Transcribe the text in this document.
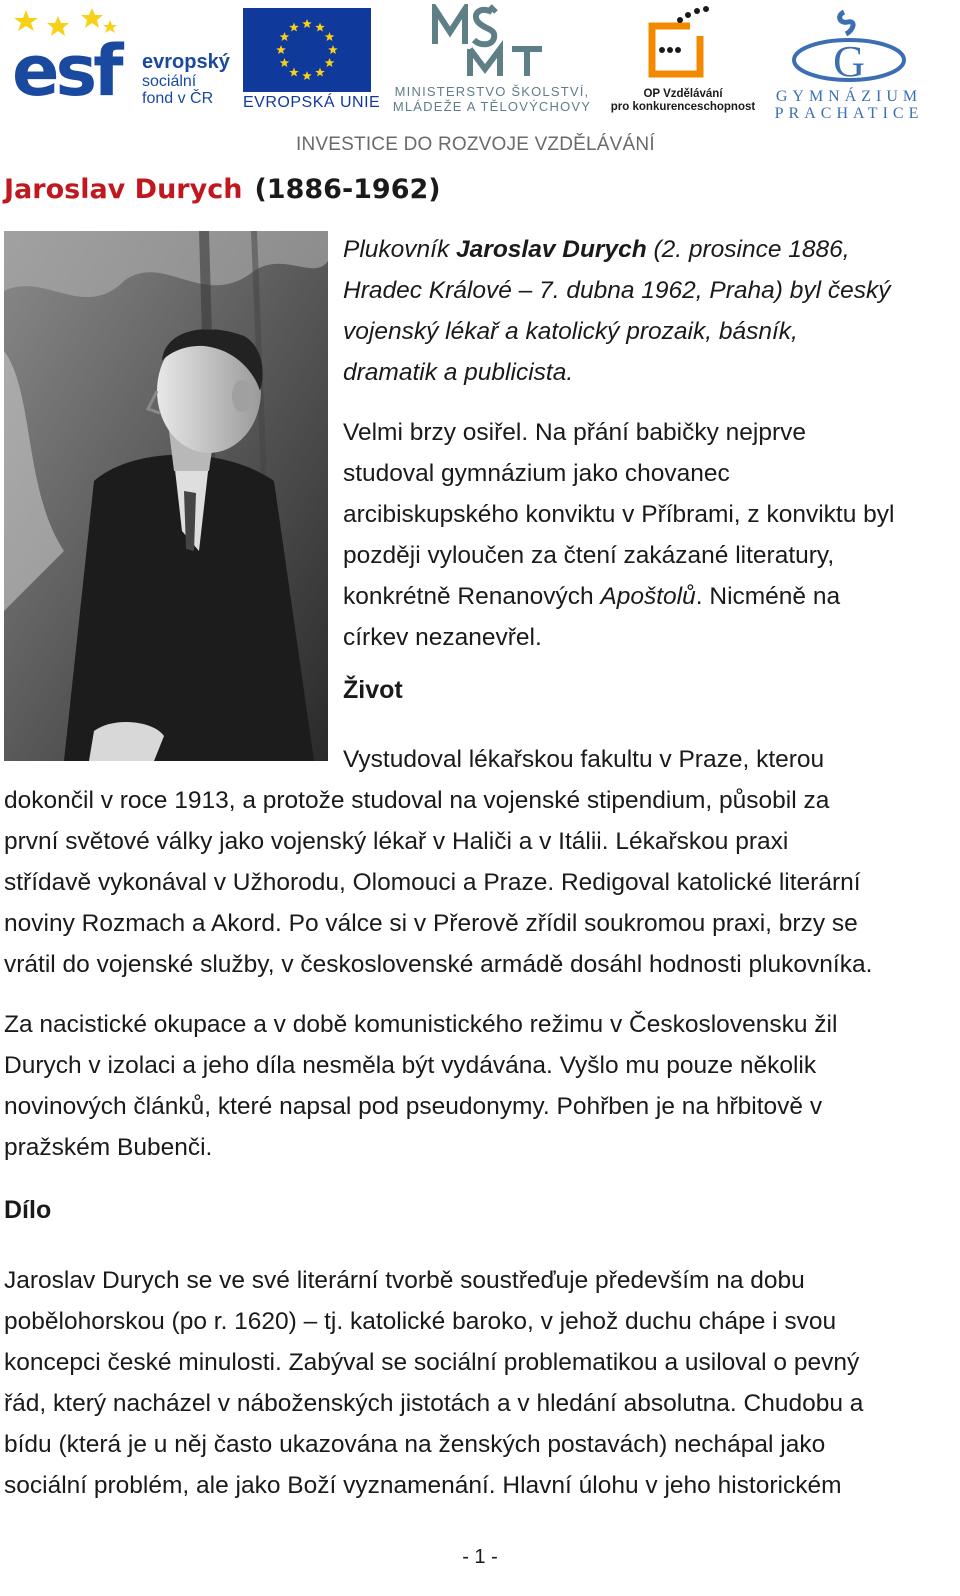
esf evropský
sociální
fond v ČR	EVROPSKÁ UNIE
MINISTERSTVO ŠKOLSTVÍ,
MLÁDEŽE A TĚLOVÝCHOVY
OP Vzdělávání
pro konkurenceschopnost
G
GYMNÁZIUM
PRACHATICE
INVESTICE DO ROZVOJE VZDĚLÁVÁNÍ
Jaroslav Durych (1886-1962)

Plukovník Jaroslav Durych (2. prosince 1886,
Hradec Králové – 7. dubna 1962, Praha) byl český
vojenský lékař a katolický prozaik, básník,
dramatik a publicista.

Velmi brzy osiřel. Na přání babičky nejprve
studoval gymnázium jako chovanec
arcibiskupského konviktu v Příbrami, z konviktu byl
později vyloučen za čtení zakázané literatury,
konkrétně Renanových Apoštolů. Nicméně na
církev nezanevřel.

Život

Vystudoval lékařskou fakultu v Praze, kterou
dokončil v roce 1913, a protože studoval na vojenské stipendium, působil za
první světové války jako vojenský lékař v Haliči a v Itálii. Lékařskou praxi
střídavě vykonával v Užhorodu, Olomouci a Praze. Redigoval katolické literární
noviny Rozmach a Akord. Po válce si v Přerově zřídil soukromou praxi, brzy se
vrátil do vojenské služby, v československé armádě dosáhl hodnosti plukovníka.

Za nacistické okupace a v době komunistického režimu v Československu žil
Durych v izolaci a jeho díla nesměla být vydávána. Vyšlo mu pouze několik
novinových článků, které napsal pod pseudonymy. Pohřben je na hřbitově v
pražském Bubenči.

Dílo

Jaroslav Durych se ve své literární tvorbě soustřeďuje především na dobu
pobělohorskou (po r. 1620) – tj. katolické baroko, v jehož duchu chápe i svou
koncepci české minulosti. Zabýval se sociální problematikou a usiloval o pevný
řád, který nacházel v náboženských jistotách a v hledání absolutna. Chudobu a
bídu (která je u něj často ukazována na ženských postavách) nechápal jako
sociální problém, ale jako Boží vyznamenání. Hlavní úlohu v jeho historickém

- 1 -
